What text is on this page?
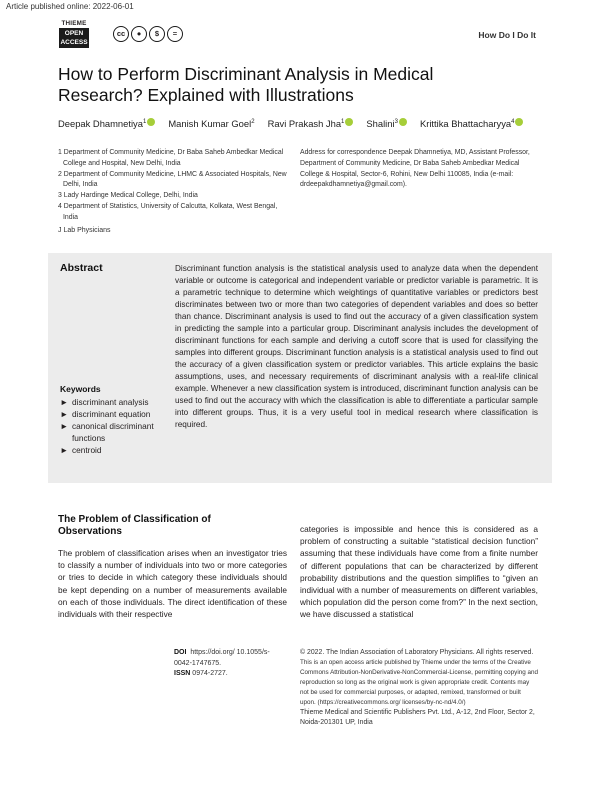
Article published online: 2022-06-01
THIEME
OPEN
ACCESS
cc	●	$	=	How Do I Do It
How to Perform Discriminant Analysis in Medical Research? Explained with Illustrations
Deepak Dhamnetiya$^1$ Manish Kumar Goel$^2$ Ravi Prakash Jha$^1$ Shalini$^3$ Krittika Bhattacharyya$^4$
1 Department of Community Medicine, Dr Baba Saheb Ambedkar Medical College and Hospital, New Delhi, India
2 Department of Community Medicine, LHMC & Associated Hospitals, New Delhi, India
3 Lady Hardinge Medical College, Delhi, India
4 Department of Statistics, University of Calcutta, Kolkata, West Bengal, India
Address for correspondence Deepak Dhamnetiya, MD, Assistant Professor, Department of Community Medicine, Dr Baba Saheb Ambedkar Medical College & Hospital, Sector-6, Rohini, New Delhi 110085, India (e-mail: drdeepakdhamnetiya@gmail.com).
J Lab Physicians
Abstract	Discriminant function analysis is the statistical analysis used to analyze data when the dependent variable or outcome is categorical and independent variable or predictor variable is parametric. It is a parametric technique to determine which weightings of quantitative variables or predictors best discriminates between two or more than two categories of dependent variables and does so better than chance. Discriminant analysis is used to find out the accuracy of a given classification system in predicting the sample into a particular group. Discriminant analysis includes the development of discriminant functions for each sample and deriving a cutoff score that is used for classifying the samples into different groups. Discriminant function analysis is a statistical analysis used to find out the accuracy of a given classification system or predictor variables. This article explains the basic assumptions, uses, and necessary requirements of discriminant analysis with a real-life clinical example. Whenever a new classification system is introduced, discriminant function analysis can be used to find out the accuracy with which the classification is able to differentiate a particular sample into different groups. Thus, it is a very useful tool in medical research where classification is required.
Keywords
► discriminant analysis
► discriminant equation
► canonical discriminant functions
► centroid
The Problem of Classification of Observations
The problem of classification arises when an investigator tries to classify a number of individuals into two or more categories or tries to decide in which category these individuals should be kept depending on a number of measurements available on each of those individuals. The direct identification of these individuals with their respective
categories is impossible and hence this is considered as a problem of constructing a suitable “statistical decision function” assuming that these individuals have come from a finite number of different populations that can be characterized by different probability distributions and the question simplifies to “given an individual with a number of measurements on different variables, which population did the person come from?” In the next section, we have discussed a statistical
DOI https://doi.org/ 10.1055/s-0042-1747675.
ISSN 0974-2727.
© 2022. The Indian Association of Laboratory Physicians. All rights reserved.
This is an open access article published by Thieme under the terms of the Creative Commons Attribution-NonDerivative-NonCommercial-License, permitting copying and reproduction so long as the original work is given appropriate credit. Contents may not be used for commercial purposes, or adapted, remixed, transformed or built upon. (https://creativecommons.org/ licenses/by-nc-nd/4.0/)
Thieme Medical and Scientific Publishers Pvt. Ltd., A-12, 2nd Floor, Sector 2, Noida-201301 UP, India
